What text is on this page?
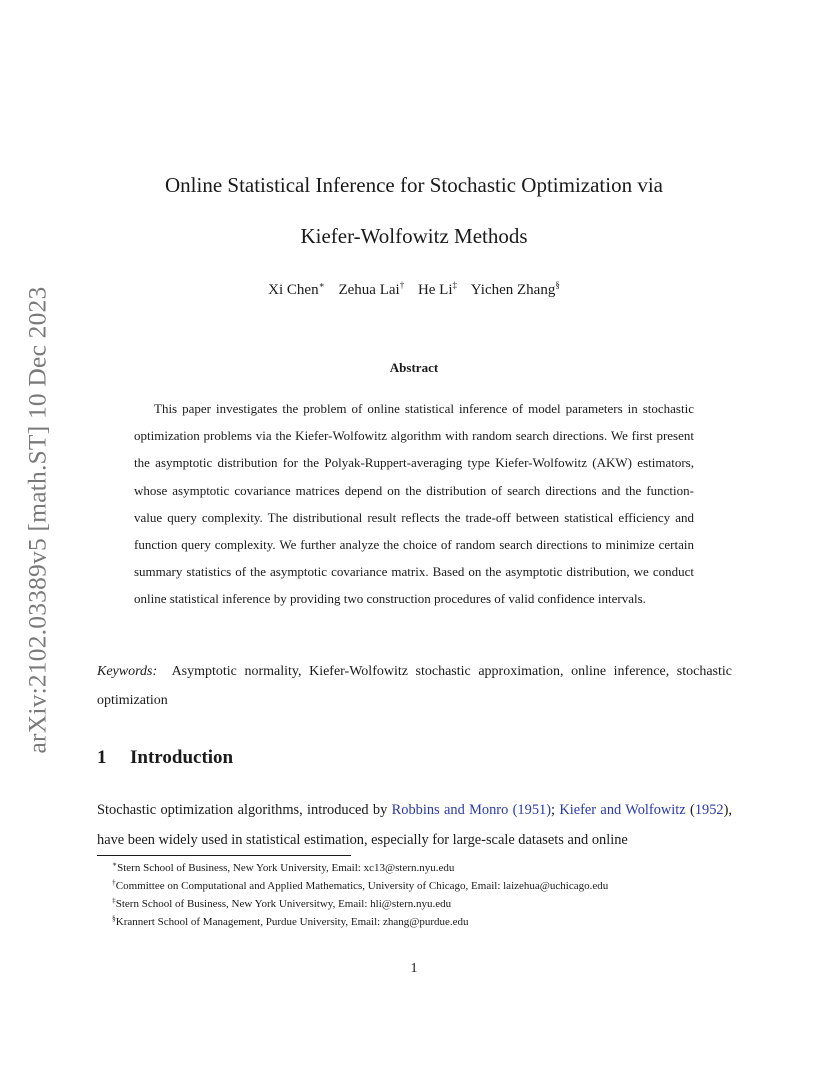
arXiv:2102.03389v5 [math.ST] 10 Dec 2023
Online Statistical Inference for Stochastic Optimization via
Kiefer-Wolfowitz Methods
Xi Chen∗ Zehua Lai† He Li‡ Yichen Zhang§
Abstract

This paper investigates the problem of online statistical inference of model parameters in stochastic optimization problems via the Kiefer-Wolfowitz algorithm with random search directions. We first present the asymptotic distribution for the Polyak-Ruppert-averaging type Kiefer-Wolfowitz (AKW) estimators, whose asymptotic covariance matrices depend on the distribution of search directions and the function-value query complexity. The distributional result reflects the trade-off between statistical efficiency and function query complexity. We further analyze the choice of random search directions to minimize certain summary statistics of the asymptotic covariance matrix. Based on the asymptotic distribution, we conduct online statistical inference by providing two construction procedures of valid confidence intervals.

Keywords: Asymptotic normality, Kiefer-Wolfowitz stochastic approximation, online inference, stochastic optimization

1 Introduction

Stochastic optimization algorithms, introduced by Robbins and Monro (1951); Kiefer and Wolfowitz (1952), have been widely used in statistical estimation, especially for large-scale datasets and online

∗Stern School of Business, New York University, Email: xc13@stern.nyu.edu
†Committee on Computational and Applied Mathematics, University of Chicago, Email: laizehua@uchicago.edu
‡Stern School of Business, New York Universitwy, Email: hli@stern.nyu.edu
§Krannert School of Management, Purdue University, Email: zhang@purdue.edu
1
